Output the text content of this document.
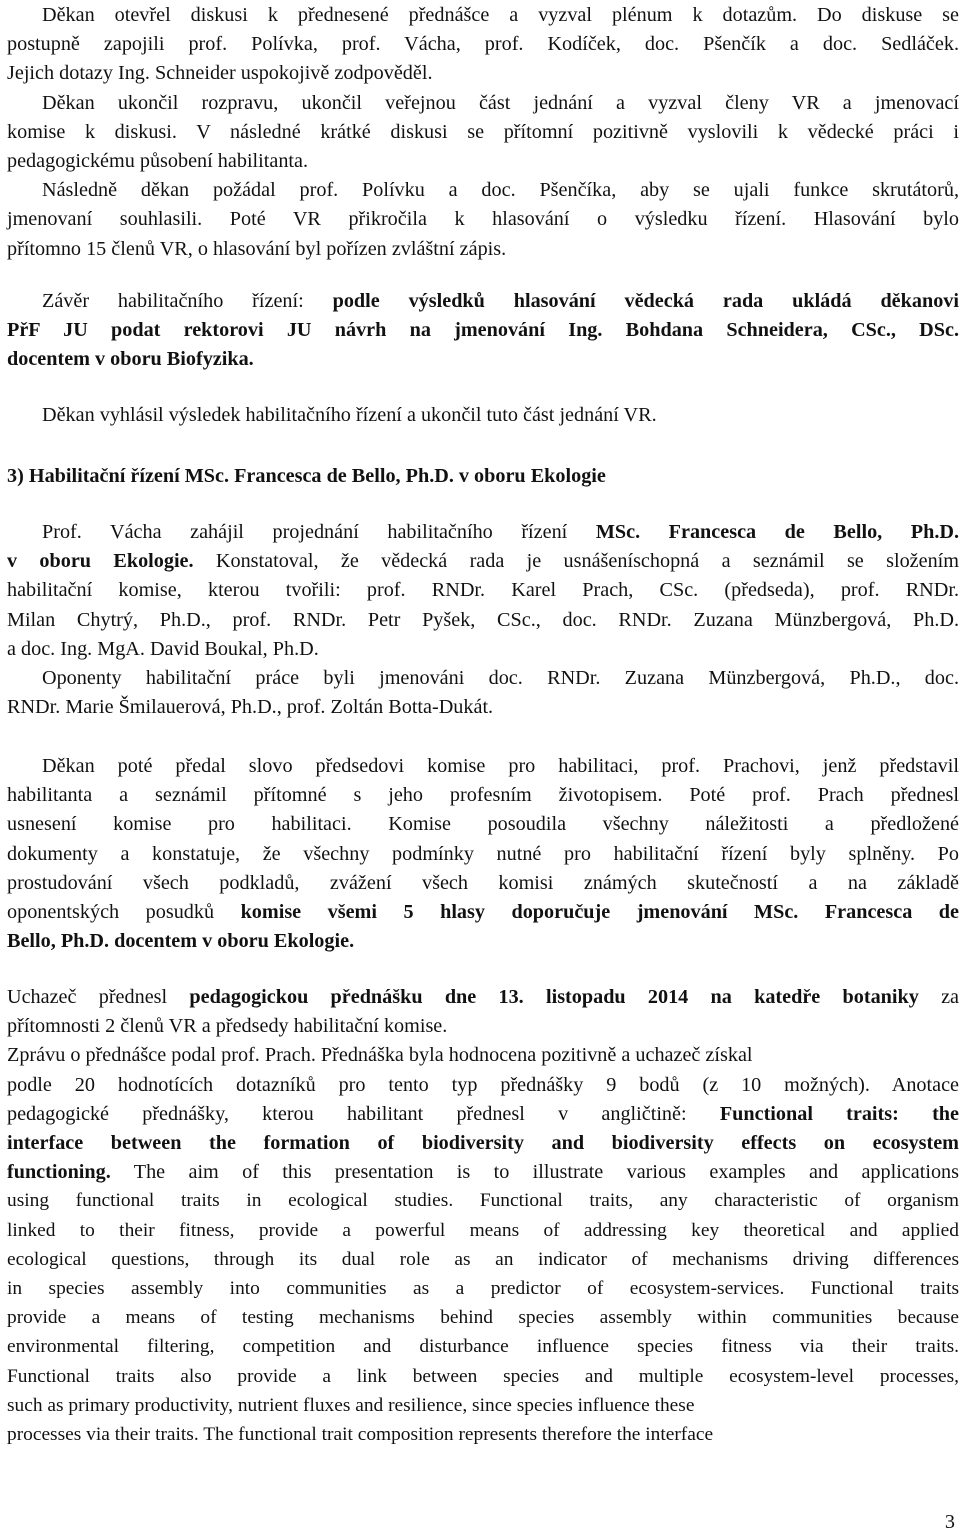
Děkan otevřel diskusi k přednesené přednášce a vyzval plénum k dotazům. Do diskuse se
postupně zapojili prof. Polívka, prof. Vácha, prof. Kodíček, doc. Pšenčík a doc. Sedláček.
Jejich dotazy Ing. Schneider uspokojivě zodpověděl.
Děkan ukončil rozpravu, ukončil veřejnou část jednání a vyzval členy VR a jmenovací
komise k diskusi. V následné krátké diskusi se přítomní pozitivně vyslovili k vědecké práci i
pedagogickému působení habilitanta.
Následně děkan požádal prof. Polívku a doc. Pšenčíka, aby se ujali funkce skrutátorů,
jmenovaní souhlasili. Poté VR přikročila k hlasování o výsledku řízení. Hlasování bylo
přítomno 15 členů VR, o hlasování byl pořízen zvláštní zápis.
Závěr habilitačního řízení: podle výsledků hlasování vědecká rada ukládá děkanovi
PřF JU podat rektorovi JU návrh na jmenování Ing. Bohdana Schneidera, CSc., DSc.
docentem v oboru Biofyzika.
Děkan vyhlásil výsledek habilitačního řízení a ukončil tuto část jednání VR.
3) Habilitační řízení MSc. Francesca de Bello, Ph.D. v oboru Ekologie
Prof. Vácha zahájil projednání habilitačního řízení MSc. Francesca de Bello, Ph.D.
v oboru Ekologie. Konstatoval, že vědecká rada je usnášeníschopná a seznámil se složením
habilitační komise, kterou tvořili: prof. RNDr. Karel Prach, CSc. (předseda), prof. RNDr.
Milan Chytrý, Ph.D., prof. RNDr. Petr Pyšek, CSc., doc. RNDr. Zuzana Münzbergová, Ph.D.
a doc. Ing. MgA. David Boukal, Ph.D.
Oponenty habilitační práce byli jmenováni doc. RNDr. Zuzana Münzbergová, Ph.D., doc.
RNDr. Marie Šmilauerová, Ph.D., prof. Zoltán Botta-Dukát.
Děkan poté předal slovo předsedovi komise pro habilitaci, prof. Prachovi, jenž představil
habilitanta a seznámil přítomné s jeho profesním životopisem. Poté prof. Prach přednesl
usnesení komise pro habilitaci. Komise posoudila všechny náležitosti a předložené
dokumenty a konstatuje, že všechny podmínky nutné pro habilitační řízení byly splněny. Po
prostudování všech podkladů, zvážení všech komisi známých skutečností a na základě
oponentských posudků komise všemi 5 hlasy doporučuje jmenování MSc. Francesca de
Bello, Ph.D. docentem v oboru Ekologie.
Uchazeč přednesl pedagogickou přednášku dne 13. listopadu 2014 na katedře botaniky za
přítomnosti 2 členů VR a předsedy habilitační komise.
Zprávu o přednášce podal prof. Prach. Přednáška byla hodnocena pozitivně a uchazeč získal
podle 20 hodnotících dotazníků pro tento typ přednášky 9 bodů (z 10 možných). Anotace
pedagogické přednášky, kterou habilitant přednesl v angličtině: Functional traits: the
interface between the formation of biodiversity and biodiversity effects on ecosystem
functioning. The aim of this presentation is to illustrate various examples and applications
using functional traits in ecological studies. Functional traits, any characteristic of organism
linked to their fitness, provide a powerful means of addressing key theoretical and applied
ecological questions, through its dual role as an indicator of mechanisms driving differences
in species assembly into communities as a predictor of ecosystem-services. Functional traits
provide a means of testing mechanisms behind species assembly within communities because
environmental filtering, competition and disturbance influence species fitness via their traits.
Functional traits also provide a link between species and multiple ecosystem-level processes,
such as primary productivity, nutrient fluxes and resilience, since species influence these
processes via their traits. The functional trait composition represents therefore the interface
3
